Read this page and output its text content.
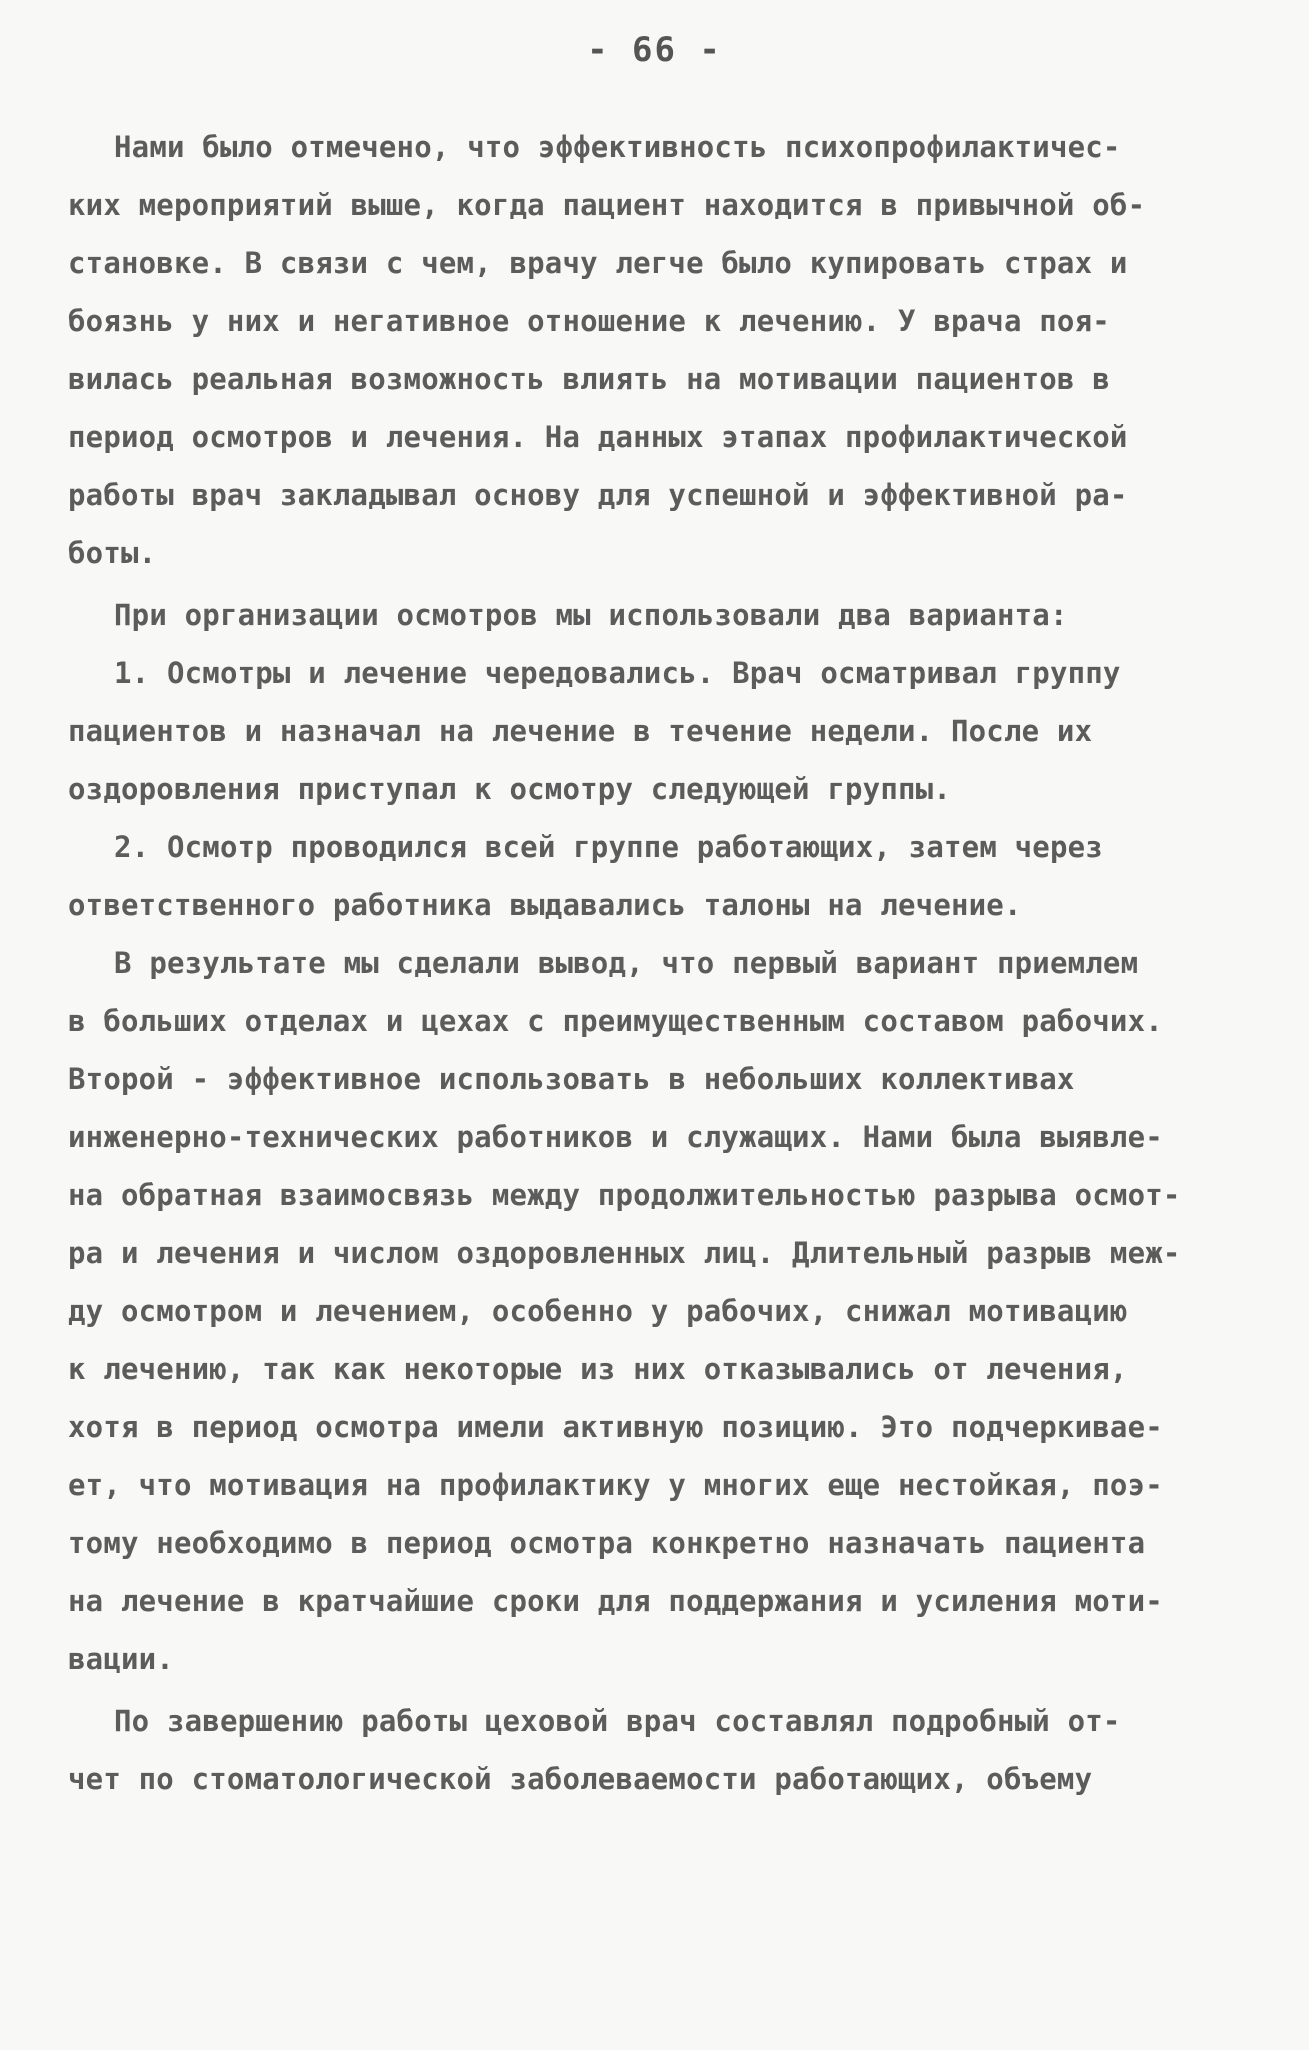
- 66 -
Нами было отмечено, что эффективность психопрофилактичес-
ких мероприятий выше, когда пациент находится в привычной об-
становке. В связи с чем, врачу легче было купировать страх и
боязнь у них и негативное отношение к лечению. У врача поя-
вилась реальная возможность влиять на мотивации пациентов в
период осмотров и лечения. На данных этапах профилактической
работы врач закладывал основу для успешной и эффективной ра-
боты.
При организации осмотров мы использовали два варианта:
1. Осмотры и лечение чередовались. Врач осматривал группу
пациентов и назначал на лечение в течение недели. После их
оздоровления приступал к осмотру следующей группы.
2. Осмотр проводился всей группе работающих, затем через
ответственного работника выдавались талоны на лечение.
В результате мы сделали вывод, что первый вариант приемлем
в больших отделах и цехах с преимущественным составом рабочих.
Второй - эффективное использовать в небольших коллективах
инженерно-технических работников и служащих. Нами была выявле-
на обратная взаимосвязь между продолжительностью разрыва осмот-
ра и лечения и числом оздоровленных лиц. Длительный разрыв меж-
ду осмотром и лечением, особенно у рабочих, снижал мотивацию
к лечению, так как некоторые из них отказывались от лечения,
хотя в период осмотра имели активную позицию. Это подчеркивае-
ет, что мотивация на профилактику у многих еще нестойкая, поэ-
тому необходимо в период осмотра конкретно назначать пациента
на лечение в кратчайшие сроки для поддержания и усиления моти-
вации.
По завершению работы цеховой врач составлял подробный от-
чет по стоматологической заболеваемости работающих, объему
